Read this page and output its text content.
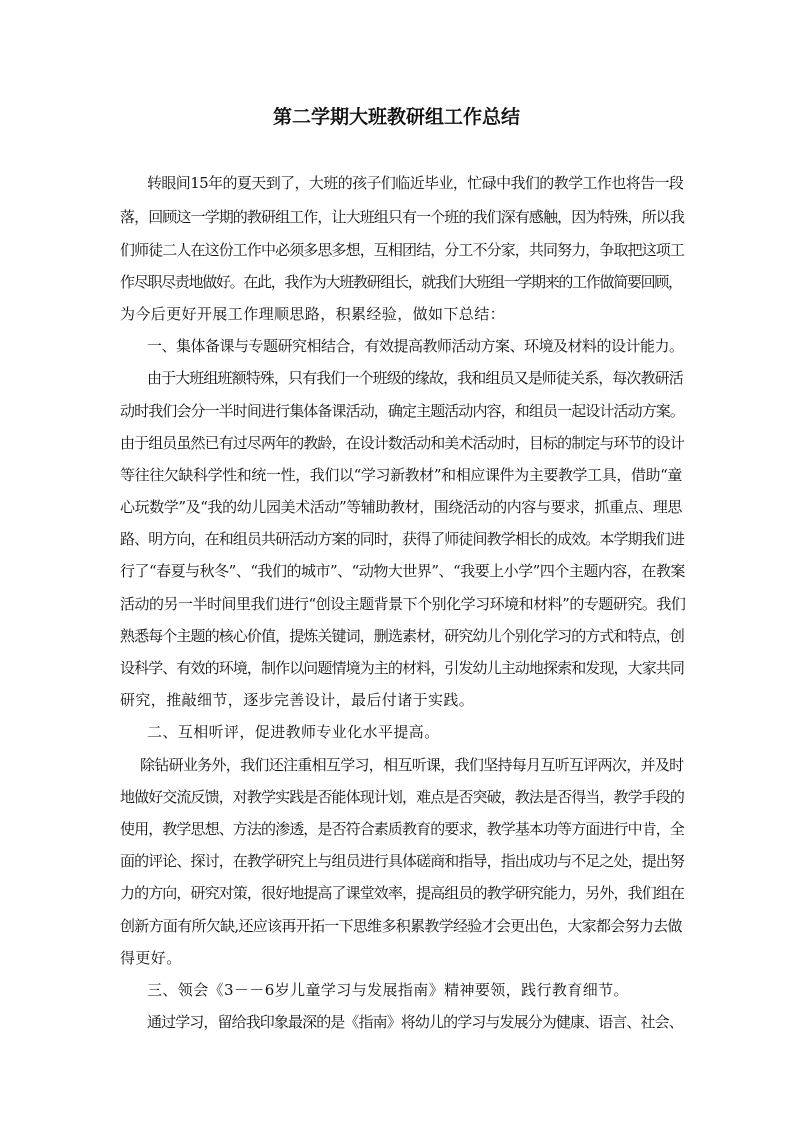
第二学期大班教研组工作总结
转眼间15年的夏天到了，大班的孩子们临近毕业，忙碌中我们的教学工作也将告一段
落，回顾这一学期的教研组工作，让大班组只有一个班的我们深有感触，因为特殊，所以我
们师徒二人在这份工作中必须多思多想，互相团结，分工不分家，共同努力，争取把这项工
作尽职尽责地做好。在此，我作为大班教研组长，就我们大班组一学期来的工作做简要回顾，
为今后更好开展工作理顺思路，积累经验，做如下总结：
一、集体备课与专题研究相结合，有效提高教师活动方案、环境及材料的设计能力。
由于大班组班额特殊，只有我们一个班级的缘故，我和组员又是师徒关系，每次教研活
动时我们会分一半时间进行集体备课活动，确定主题活动内容，和组员一起设计活动方案。
由于组员虽然已有过尽两年的教龄，在设计数活动和美术活动时，目标的制定与环节的设计
等往往欠缺科学性和统一性，我们以“学习新教材”和相应课件为主要教学工具，借助“童
心玩数学”及“我的幼儿园美术活动”等辅助教材，围绕活动的内容与要求，抓重点、理思
路、明方向，在和组员共研活动方案的同时，获得了师徒间教学相长的成效。本学期我们进
行了“春夏与秋冬”、“我们的城市”、“动物大世界”、“我要上小学”四个主题内容，在教案
活动的另一半时间里我们进行“创设主题背景下个别化学习环境和材料”的专题研究。我们
熟悉每个主题的核心价值，提炼关键词，删选素材，研究幼儿个别化学习的方式和特点，创
设科学、有效的环境，制作以问题情境为主的材料，引发幼儿主动地探索和发现，大家共同
研究，推敲细节，逐步完善设计，最后付诸于实践。
二、互相听评，促进教师专业化水平提高。
除钻研业务外，我们还注重相互学习，相互听课，我们坚持每月互听互评两次，并及时
地做好交流反馈，对教学实践是否能体现计划，难点是否突破，教法是否得当，教学手段的
使用，教学思想、方法的渗透，是否符合素质教育的要求，教学基本功等方面进行中肯，全
面的评论、探讨，在教学研究上与组员进行具体磋商和指导，指出成功与不足之处，提出努
力的方向，研究对策，很好地提高了课堂效率，提高组员的教学研究能力，另外，我们组在
创新方面有所欠缺,还应该再开拓一下思维多积累教学经验才会更出色，大家都会努力去做
得更好。
三、领会《3－－6岁儿童学习与发展指南》精神要领，践行教育细节。
通过学习，留给我印象最深的是《指南》将幼儿的学习与发展分为健康、语言、社会、
